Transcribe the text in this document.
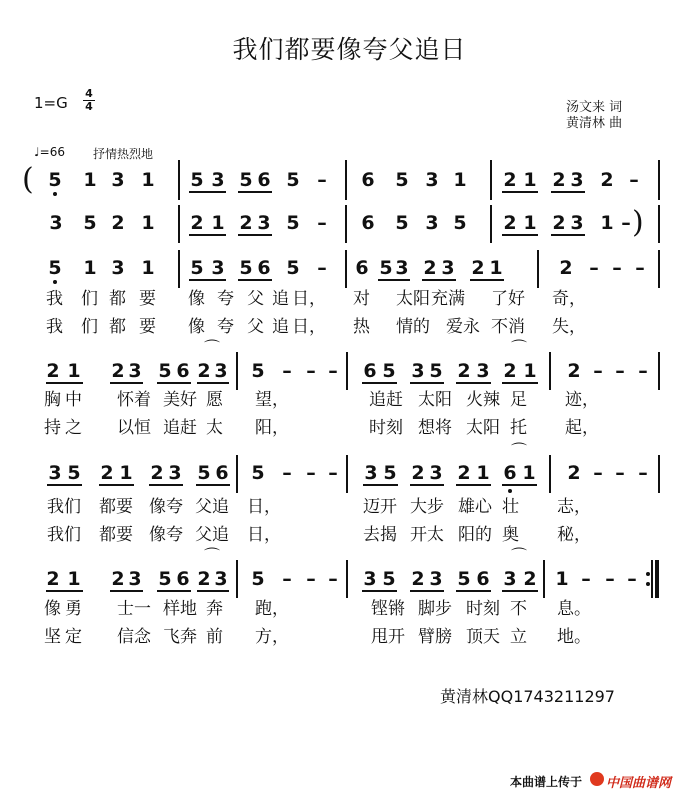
我们都要像夸父追日
1=G
4
4	汤文来 词
黄清林 曲
♩=66 抒情热烈地
( 5 1 3 1 5 3 5 6 5 – 6 5 3 1 2 1 2 3 2 –
3 5 2 1 2 1 2 3 5 – 6 5 3 5 2 1 2 3 1 – )
5 1 3 1 5 3 5 6 5 – 6 5 3 2 3 2 1	2 – – –
我 们 都 要 像 夸 父 追 日， 对 太阳 充满 了好 奇，
我 们 都 要 像 夸 父 追 日， 热 情的 爱永 不消 失，
2 1 2 3 5 6 2 3 5 – – – 6 5 3 5 2 3 2 1 2 – – –
⌒	⌒
胸 中 怀着 美好 愿 望，	追赶 太阳 火辣 足 迹，
持 之 以恒 追赶 太 阳，	时刻 想将 太阳 托 起，
3 5 2 1 2 3 5 6 5 – – – 3 5 2 3 2 1 6 1 2 – – –
⌒
我们 都要 像夸 父追 日，	迈开 大步 雄心 壮 志，
我们 都要 像夸 父追 日，	去揭 开太 阳的 奥 秘，
2 1 2 3 5 6 2 3 5 – – – 3 5 2 3 5 6 3 2 1 – – –
⌒	⌒
像 勇 士一 样地 奔 跑，	铿锵 脚步 时刻 不 息。
坚 定 信念 飞奔 前 方，	甩开 臂膀 顶天 立 地。
黄清林QQ1743211297
本曲谱上传于 中国曲谱网
